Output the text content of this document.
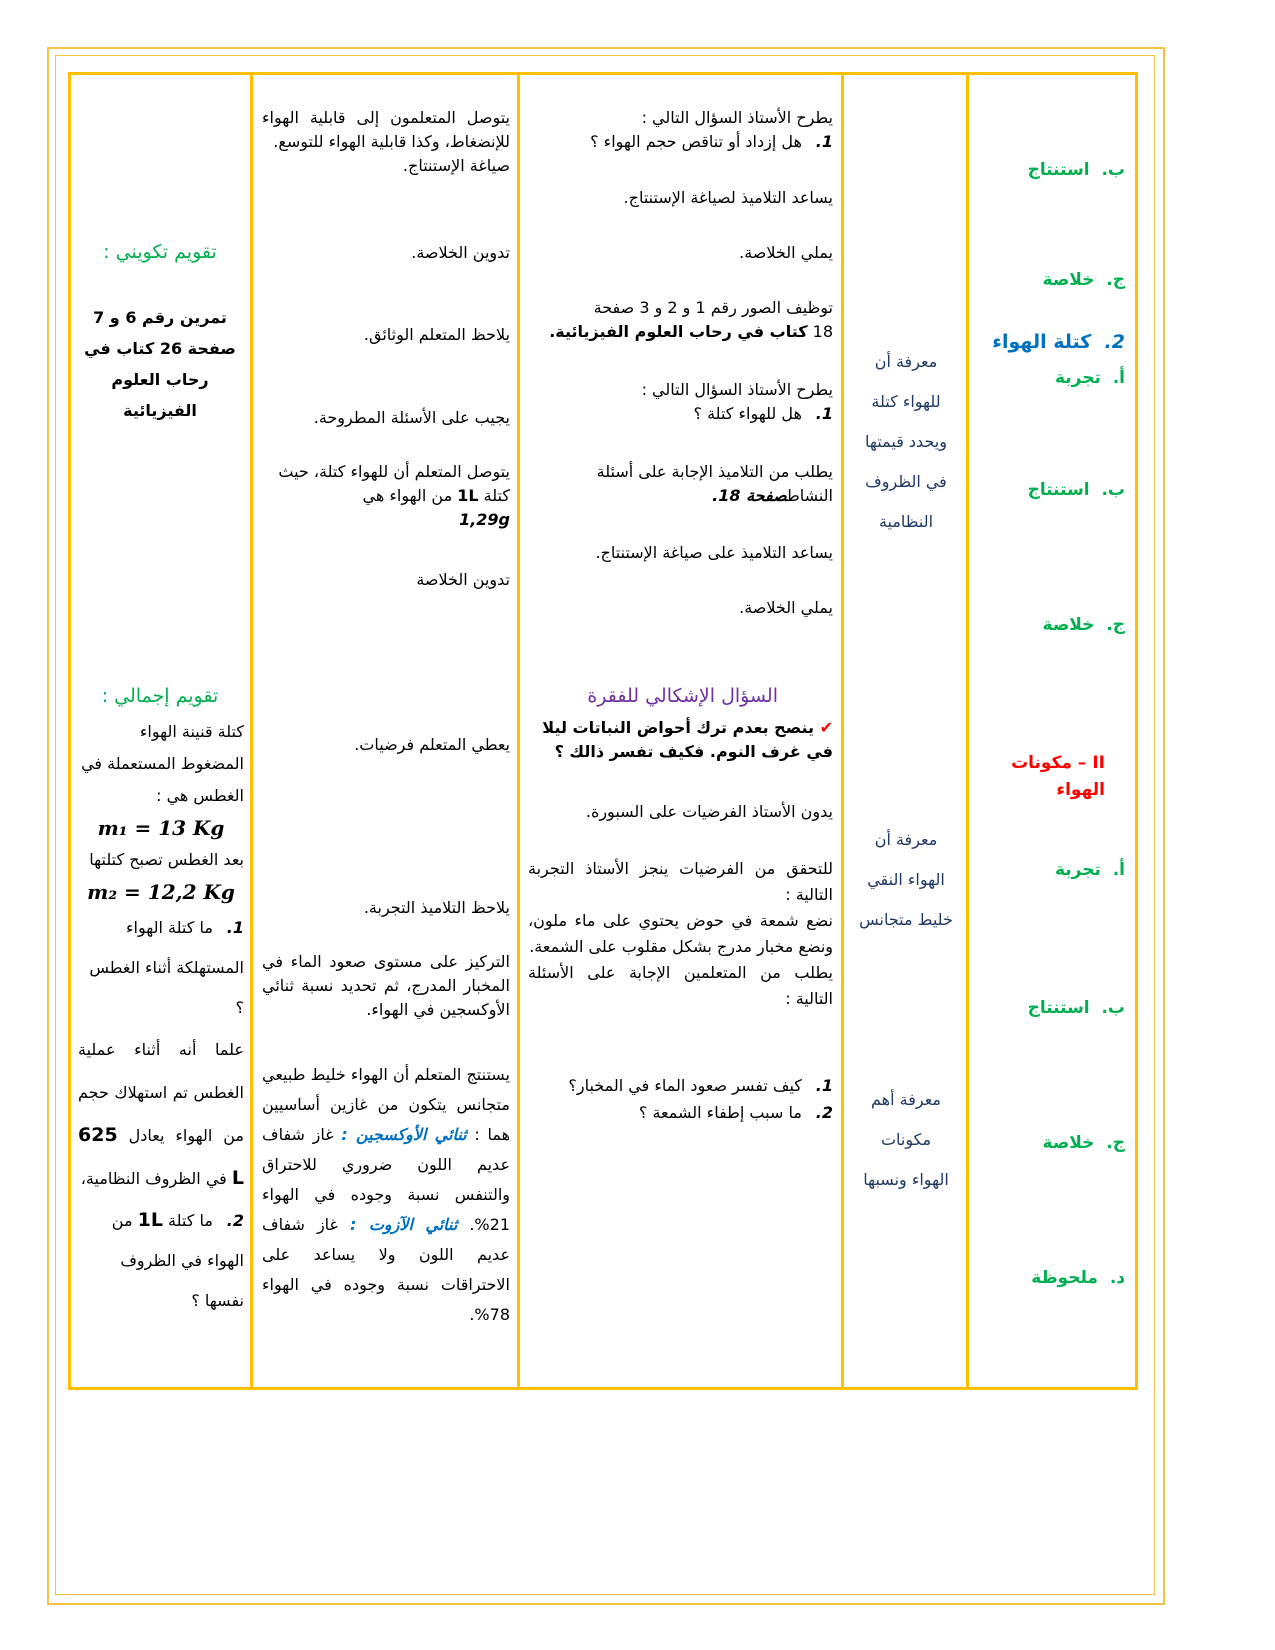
ب.  استنتاج
ج.  خلاصة
2.  كتلة الهواء
أ.  تجربة
ب.  استنتاج
ج.  خلاصة
II – مكونات
الهواء
أ.  تجربة
ب.  استنتاج
ج.  خلاصة
د.  ملحوظة
معرفة أن
للهواء كتلة
ويحدد قيمتها
في الظروف
النظامية
معرفة أن
الهواء النقي
خليط متجانس
معرفة أهم
مكونات
الهواء ونسبها
يطرح الأستاذ السؤال التالي :
1. هل إزداد أو تناقص حجم الهواء ؟
يساعد التلاميذ لصياغة الإستنتاج.
يملي الخلاصة.
توظيف الصور رقم 1 و 2 و 3 صفحة
18 كتاب في رحاب العلوم الفيزيائية.
يطرح الأستاذ السؤال التالي :
1. هل للهواء كتلة ؟
يطلب من التلاميذ الإجابة على أسئلة
النشاطصفحة 18.
يساعد التلاميذ على صياغة الإستنتاج.
يملي الخلاصة.
السؤال الإشكالي للفقرة
✔ ينصح بعدم ترك أحواض النباتات ليلا في غرف النوم. فكيف تفسر ذالك ؟
يدون الأستاذ الفرضيات على السبورة.
للتحقق من الفرضيات ينجز الأستاذ التجربة التالية :
نضع شمعة في حوض يحتوي على ماء ملون، ونضع مخبار مدرج بشكل مقلوب على الشمعة.
يطلب من المتعلمين الإجابة على الأسئلة التالية :
1. كيف تفسر صعود الماء في المخبار؟
2. ما سبب إطفاء الشمعة ؟
يتوصل المتعلمون إلى قابلية الهواء للإنضغاط، وكذا قابلية الهواء للتوسع.
صياغة الإستنتاج.
تدوين الخلاصة.
يلاحظ المتعلم الوثائق.
يجيب على الأسئلة المطروحة.
يتوصل المتعلم أن للهواء كتلة، حيث كتلة 1L من الهواء هي
1,29g
تدوين الخلاصة
يعطي المتعلم فرضيات.
يلاحظ التلاميذ التجربة.
التركيز على مستوى صعود الماء في المخبار المدرج، ثم تحديد نسبة ثنائي الأوكسجين في الهواء.
يستنتج المتعلم أن الهواء خليط طبيعي متجانس يتكون من غازين أساسيين هما : ثنائي الأوكسجين : غاز شفاف عديم اللون ضروري للاحتراق والتنفس نسبة وجوده في الهواء 21%. ثنائي الآزوت : غاز شفاف عديم اللون ولا يساعد على الاحتراقات نسبة وجوده في الهواء 78%.
تقويم تكويني :
تمرين رقم 6 و 7 صفحة 26 كتاب في رحاب العلوم الفيزيائية
تقويم إجمالي :
كتلة قنينة الهواء المضغوط المستعملة في الغطس هي :
m₁ = 13 Kg
بعد الغطس تصبح كتلتها
m₂ = 12,2 Kg
1. ما كتلة الهواء المستهلكة أثناء الغطس ؟
علما أنه أثناء عملية الغطس تم استهلاك حجم من الهواء يعادل 625 L في الظروف النظامية،
2. ما كتلة 1L من الهواء في الظروف نفسها ؟
